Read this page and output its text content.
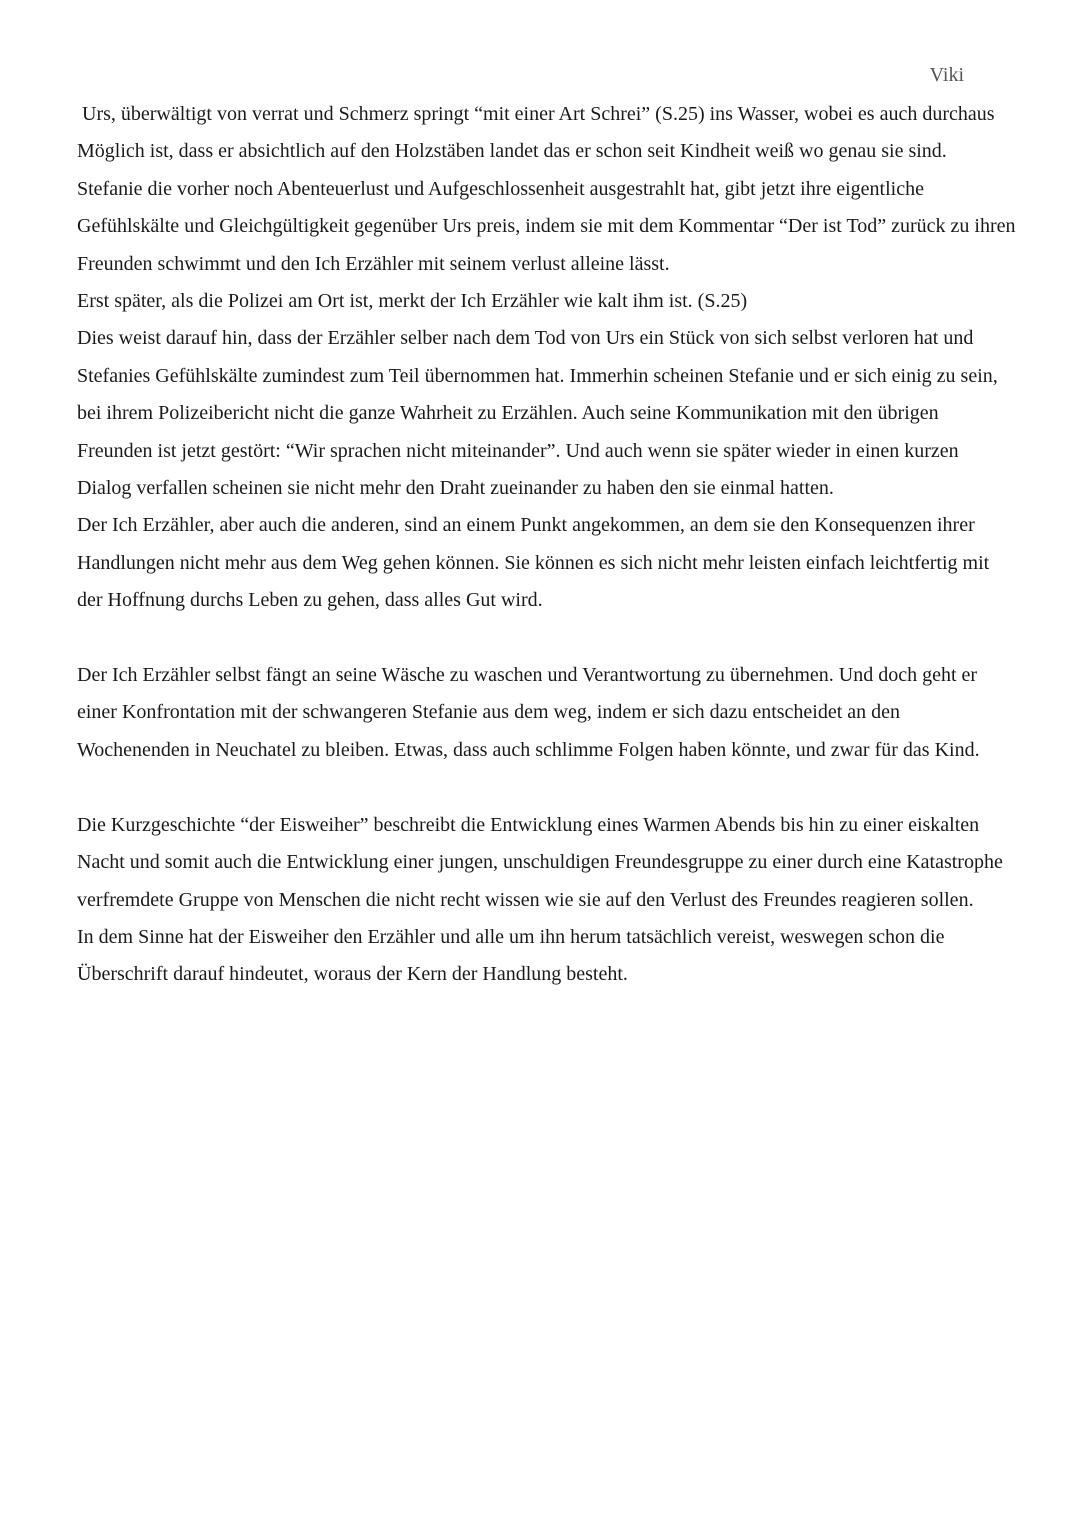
Viki

Urs, überwältigt von verrat und Schmerz springt “mit einer Art Schrei” (S.25) ins Wasser, wobei es auch durchaus Möglich ist, dass er absichtlich auf den Holzstäben landet das er schon seit Kindheit weiß wo genau sie sind.

Stefanie die vorher noch Abenteuerlust und Aufgeschlossenheit ausgestrahlt hat, gibt jetzt ihre eigentliche Gefühlskälte und Gleichgültigkeit gegenüber Urs preis, indem sie mit dem Kommentar “Der ist Tod” zurück zu ihren Freunden schwimmt und den Ich Erzähler mit seinem verlust alleine lässt.

Erst später, als die Polizei am Ort ist, merkt der Ich Erzähler wie kalt ihm ist. (S.25)

Dies weist darauf hin, dass der Erzähler selber nach dem Tod von Urs ein Stück von sich selbst verloren hat und Stefanies Gefühlskälte zumindest zum Teil übernommen hat. Immerhin scheinen Stefanie und er sich einig zu sein, bei ihrem Polizeibericht nicht die ganze Wahrheit zu Erzählen. Auch seine Kommunikation mit den übrigen Freunden ist jetzt gestört: “Wir sprachen nicht miteinander”. Und auch wenn sie später wieder in einen kurzen Dialog verfallen scheinen sie nicht mehr den Draht zueinander zu haben den sie einmal hatten.

Der Ich Erzähler, aber auch die anderen, sind an einem Punkt angekommen, an dem sie den Konsequenzen ihrer Handlungen nicht mehr aus dem Weg gehen können. Sie können es sich nicht mehr leisten einfach leichtfertig mit der Hoffnung durchs Leben zu gehen, dass alles Gut wird.

Der Ich Erzähler selbst fängt an seine Wäsche zu waschen und Verantwortung zu übernehmen. Und doch geht er einer Konfrontation mit der schwangeren Stefanie aus dem weg, indem er sich dazu entscheidet an den Wochenenden in Neuchatel zu bleiben. Etwas, dass auch schlimme Folgen haben könnte, und zwar für das Kind.

Die Kurzgeschichte “der Eisweiher” beschreibt die Entwicklung eines Warmen Abends bis hin zu einer eiskalten Nacht und somit auch die Entwicklung einer jungen, unschuldigen Freundesgruppe zu einer durch eine Katastrophe verfremdete Gruppe von Menschen die nicht recht wissen wie sie auf den Verlust des Freundes reagieren sollen.

In dem Sinne hat der Eisweiher den Erzähler und alle um ihn herum tatsächlich vereist, weswegen schon die Überschrift darauf hindeutet, woraus der Kern der Handlung besteht.
